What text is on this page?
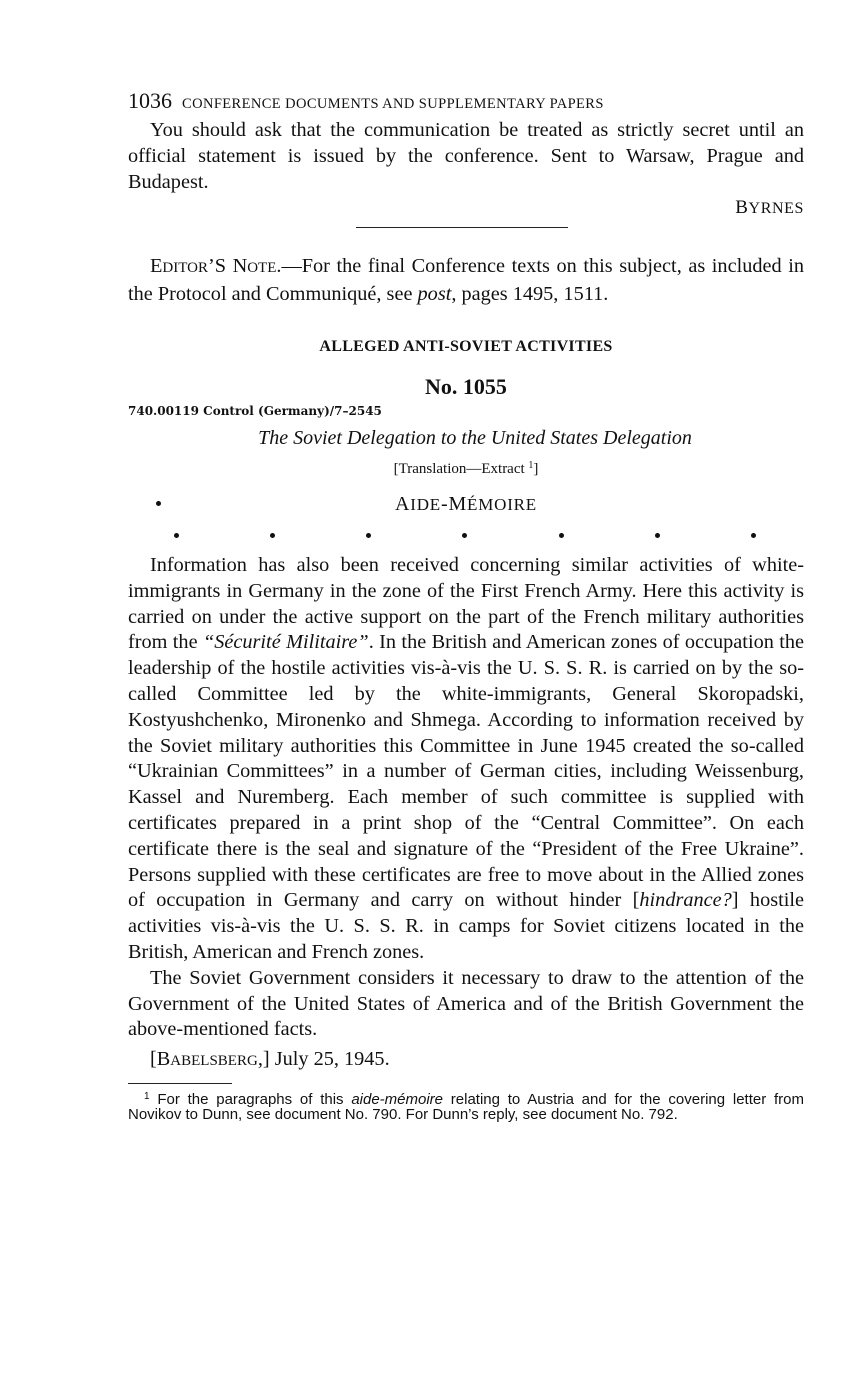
1036 CONFERENCE DOCUMENTS AND SUPPLEMENTARY PAPERS

You should ask that the communication be treated as strictly secret until an official statement is issued by the conference. Sent to Warsaw, Prague and Budapest.

BYRNES

EDITOR’S NOTE.—For the final Conference texts on this subject, as included in the Protocol and Communiqué, see post, pages 1495, 1511.

ALLEGED ANTI-SOVIET ACTIVITIES
No. 1055
740.00119 Control (Germany)/7–2545
The Soviet Delegation to the United States Delegation
[Translation—Extract $^1$]
AIDE-MÉMOIRE

Information has also been received concerning similar activities of white-immigrants in Germany in the zone of the First French Army. Here this activity is carried on under the active support on the part of the French military authorities from the “Sécurité Militaire”. In the British and American zones of occupation the leadership of the hostile activities vis-à-vis the U. S. S. R. is carried on by the so-called Committee led by the white-immigrants, General Skoropadski, Kostyushchenko, Mironenko and Shmega. According to information received by the Soviet military authorities this Committee in June 1945 created the so-called “Ukrainian Committees” in a number of German cities, including Weissenburg, Kassel and Nuremberg. Each member of such committee is supplied with certificates prepared in a print shop of the “Central Committee”. On each certificate there is the seal and signature of the “President of the Free Ukraine”. Persons supplied with these certificates are free to move about in the Allied zones of occupation in Germany and carry on without hinder [hindrance?] hostile activities vis-à-vis the U. S. S. R. in camps for Soviet citizens located in the British, American and French zones.

The Soviet Government considers it necessary to draw to the attention of the Government of the United States of America and of the British Government the above-mentioned facts.

[BABELSBERG,] July 25, 1945.

$^1$ For the paragraphs of this aide-mémoire relating to Austria and for the covering letter from Novikov to Dunn, see document No. 790. For Dunn’s reply, see document No. 792.
